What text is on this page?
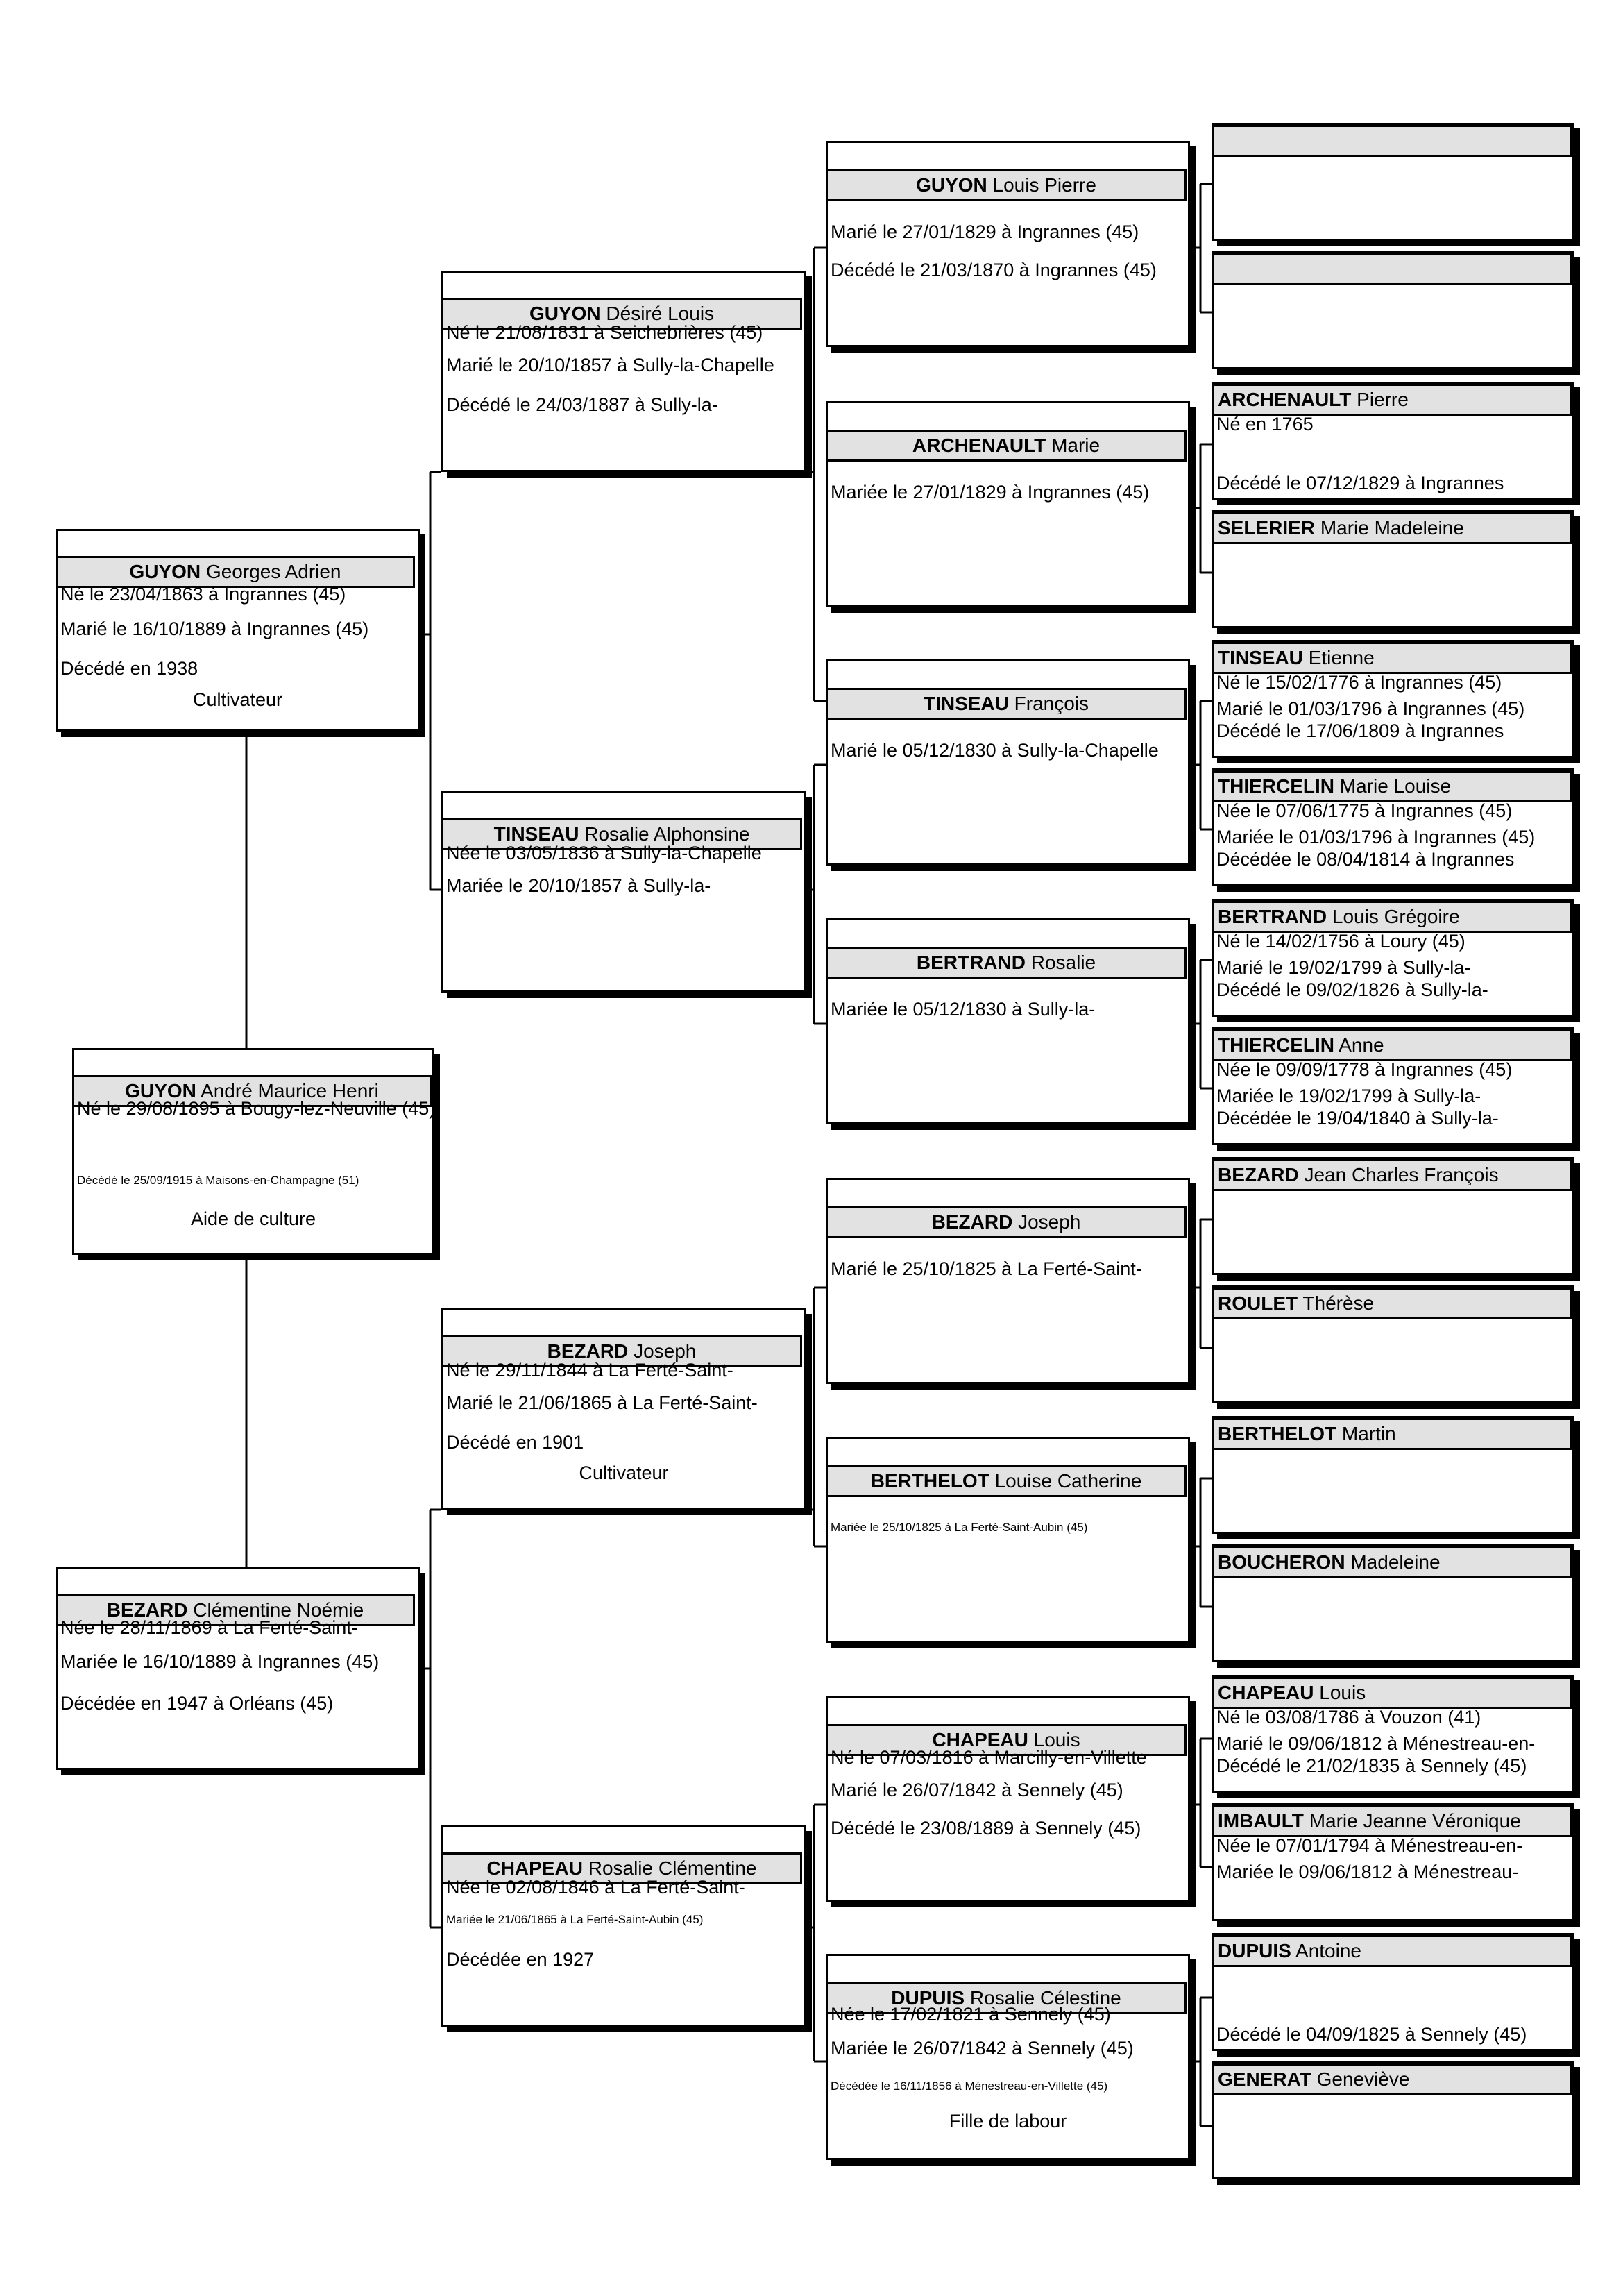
GUYON Georges Adrien
Né le 23/04/1863 à Ingrannes (45)
Marié le 16/10/1889 à Ingrannes (45)
Décédé en 1938
Cultivateur
GUYON André Maurice Henri
Né le 29/08/1895 à Bougy-lez-Neuville (45)
Décédé le 25/09/1915 à Maisons-en-Champagne (51)
Aide de culture
BEZARD Clémentine Noémie
Née le 28/11/1869 à La Ferté-Saint-
Mariée le 16/10/1889 à Ingrannes (45)
Décédée en 1947 à Orléans (45)
GUYON Désiré Louis
Né le 21/08/1831 à Seichebrières (45)
Marié le 20/10/1857 à Sully-la-Chapelle
Décédé le 24/03/1887 à Sully-la-
TINSEAU Rosalie Alphonsine
Née le 03/05/1836 à Sully-la-Chapelle
Mariée le 20/10/1857 à Sully-la-
BEZARD Joseph
Né le 29/11/1844 à La Ferté-Saint-
Marié le 21/06/1865 à La Ferté-Saint-
Décédé en 1901
Cultivateur
CHAPEAU Rosalie Clémentine
Née le 02/08/1846 à La Ferté-Saint-
Mariée le 21/06/1865 à La Ferté-Saint-Aubin (45)
Décédée en 1927
GUYON Louis Pierre
Marié le 27/01/1829 à Ingrannes (45)
Décédé le 21/03/1870 à Ingrannes (45)
ARCHENAULT Marie
Mariée le 27/01/1829 à Ingrannes (45)
TINSEAU François
Marié le 05/12/1830 à Sully-la-Chapelle
BERTRAND Rosalie
Mariée le 05/12/1830 à Sully-la-
BEZARD Joseph
Marié le 25/10/1825 à La Ferté-Saint-
BERTHELOT Louise Catherine
Mariée le 25/10/1825 à La Ferté-Saint-Aubin (45)
CHAPEAU Louis
Né le 07/03/1816 à Marcilly-en-Villette
Marié le 26/07/1842 à Sennely (45)
Décédé le 23/08/1889 à Sennely (45)
DUPUIS Rosalie Célestine
Née le 17/02/1821 à Sennely (45)
Mariée le 26/07/1842 à Sennely (45)
Décédée le 16/11/1856 à Ménestreau-en-Villette (45)
Fille de labour
ARCHENAULT Pierre
Né en 1765
Décédé le 07/12/1829 à Ingrannes
SELERIER Marie Madeleine
TINSEAU Etienne
Né le 15/02/1776 à Ingrannes (45)
Marié le 01/03/1796 à Ingrannes (45)
Décédé le 17/06/1809 à Ingrannes
THIERCELIN Marie Louise
Née le 07/06/1775 à Ingrannes (45)
Mariée le 01/03/1796 à Ingrannes (45)
Décédée le 08/04/1814 à Ingrannes
BERTRAND Louis Grégoire
Né le 14/02/1756 à Loury (45)
Marié le 19/02/1799 à Sully-la-
Décédé le 09/02/1826 à Sully-la-
THIERCELIN Anne
Née le 09/09/1778 à Ingrannes (45)
Mariée le 19/02/1799 à Sully-la-
Décédée le 19/04/1840 à Sully-la-
BEZARD Jean Charles François
ROULET Thérèse
BERTHELOT Martin
BOUCHERON Madeleine
CHAPEAU Louis
Né le 03/08/1786 à Vouzon (41)
Marié le 09/06/1812 à Ménestreau-en-
Décédé le 21/02/1835 à Sennely (45)
IMBAULT Marie Jeanne Véronique
Née le 07/01/1794 à Ménestreau-en-
Mariée le 09/06/1812 à Ménestreau-
DUPUIS Antoine
Décédé le 04/09/1825 à Sennely (45)
GENERAT Geneviève
